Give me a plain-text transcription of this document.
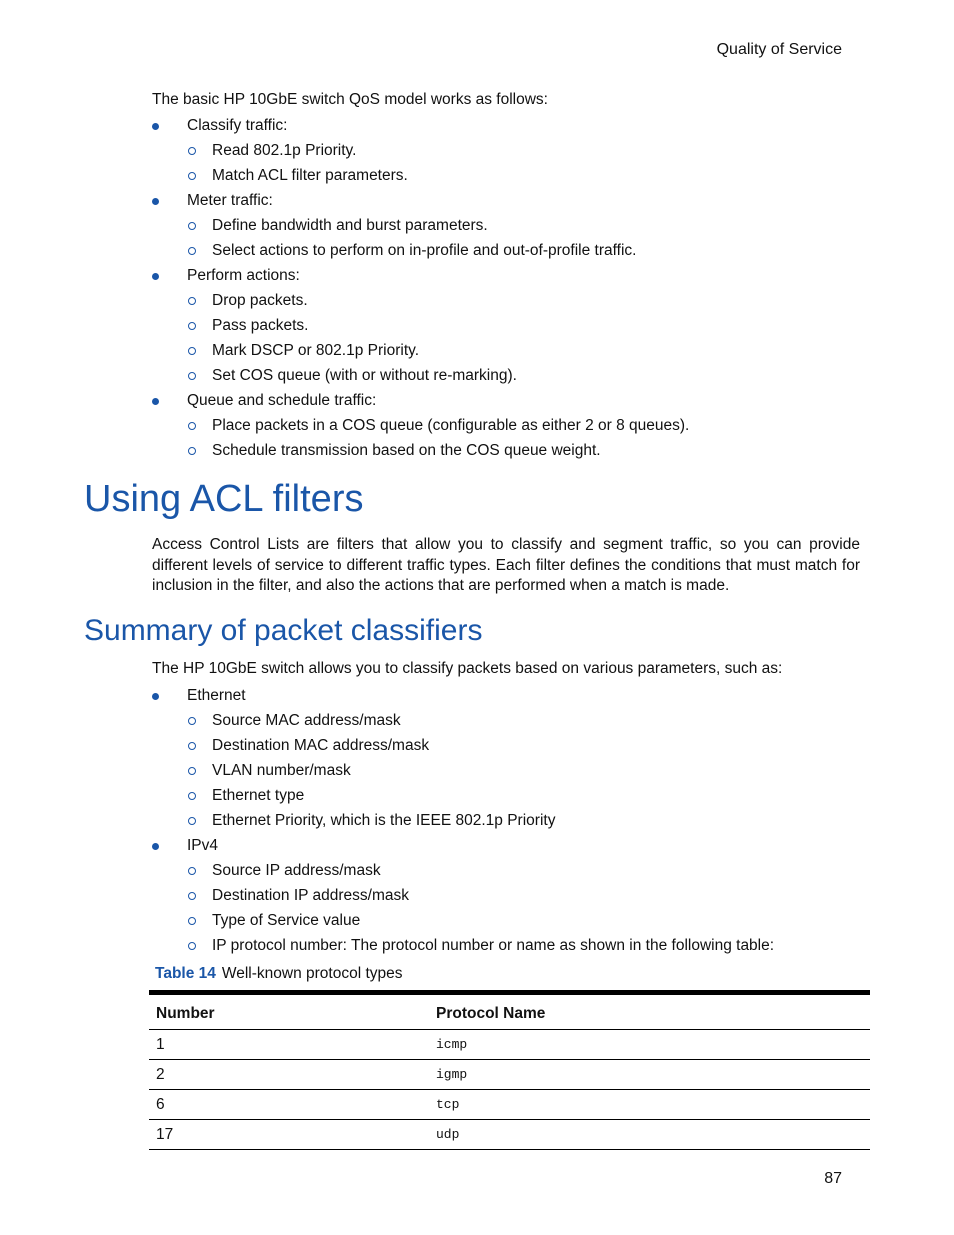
Quality of Service
The basic HP 10GbE switch QoS model works as follows:
Classify traffic:
Read 802.1p Priority.
Match ACL filter parameters.
Meter traffic:
Define bandwidth and burst parameters.
Select actions to perform on in-profile and out-of-profile traffic.
Perform actions:
Drop packets.
Pass packets.
Mark DSCP or 802.1p Priority.
Set COS queue (with or without re-marking).
Queue and schedule traffic:
Place packets in a COS queue (configurable as either 2 or 8 queues).
Schedule transmission based on the COS queue weight.
Using ACL filters
Access Control Lists are filters that allow you to classify and segment traffic, so you can provide different levels of service to different traffic types. Each filter defines the conditions that must match for inclusion in the filter, and also the actions that are performed when a match is made.
Summary of packet classifiers
The HP 10GbE switch allows you to classify packets based on various parameters, such as:
Ethernet
Source MAC address/mask
Destination MAC address/mask
VLAN number/mask
Ethernet type
Ethernet Priority, which is the IEEE 802.1p Priority
IPv4
Source IP address/mask
Destination IP address/mask
Type of Service value
IP protocol number: The protocol number or name as shown in the following table:
Table 14 Well-known protocol types
Number	Protocol Name
1	icmp
2	igmp
6	tcp
17	udp
87
